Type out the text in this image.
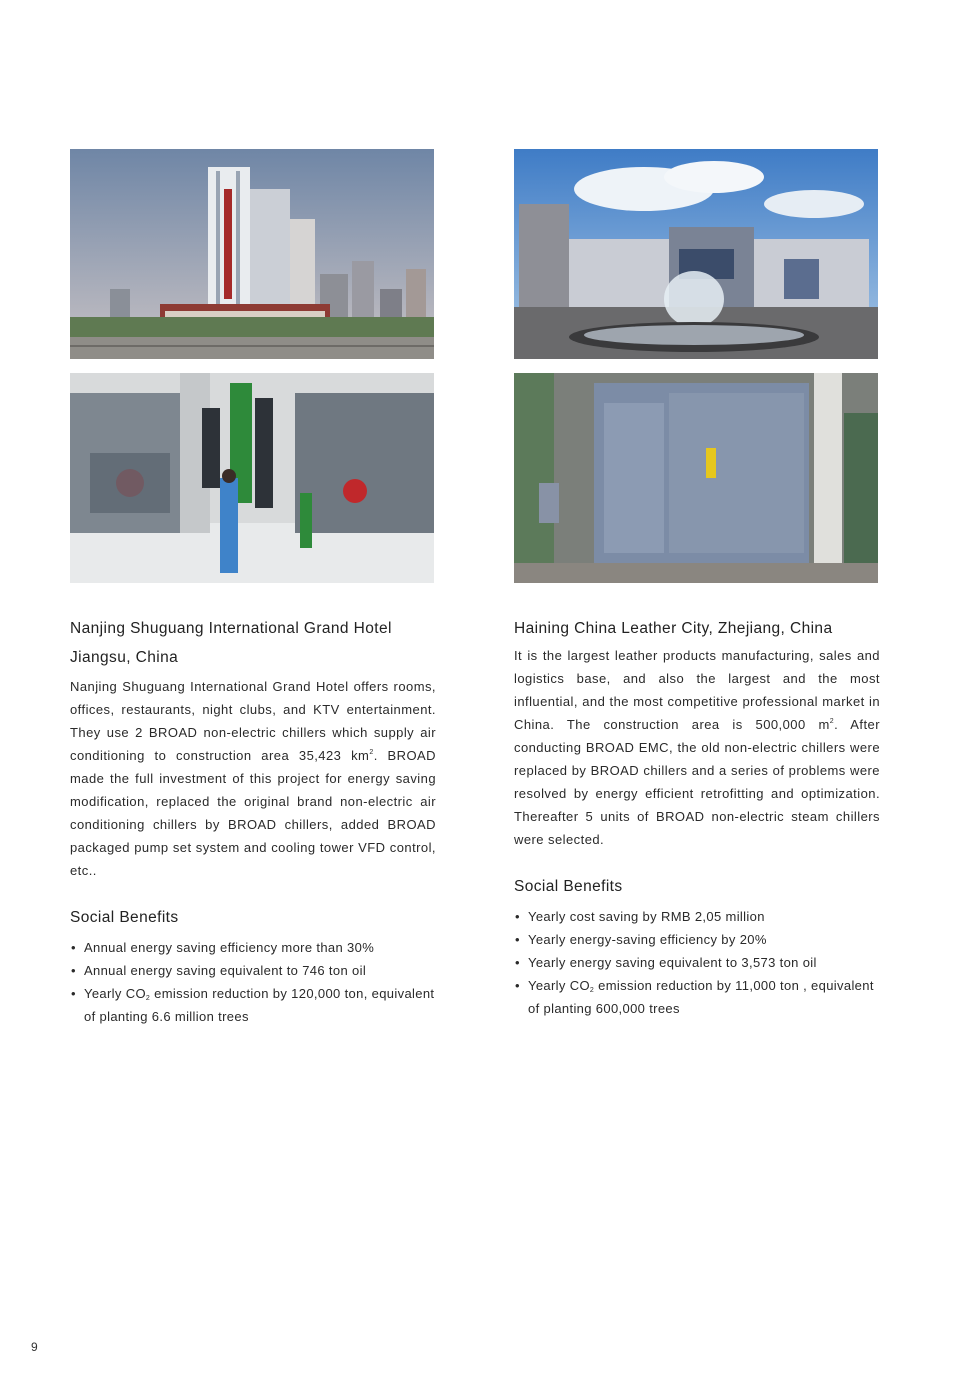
Nanjing Shuguang International Grand Hotel
Jiangsu, China

Nanjing Shuguang International Grand Hotel offers rooms, offices, restaurants, night clubs, and KTV entertainment. They use 2 BROAD non-electric chillers which supply air conditioning to construction area 35,423 $km^2$. BROAD made the full investment of this project for energy saving modification, replaced the original brand non-electric air conditioning chillers by BROAD chillers, added BROAD packaged pump set system and cooling tower VFD control, etc..

Social Benefits
• Annual energy saving efficiency more than 30%
• Annual energy saving equivalent to 746 ton oil
• Yearly $CO_2$ emission reduction by 120,000 ton, equivalent of planting 6.6 million trees
Haining China Leather City, Zhejiang, China

It is the largest leather products manufacturing, sales and logistics base, and also the largest and the most influential, and the most competitive professional market in China. The construction area is 500,000 $m^2$. After conducting BROAD EMC, the old non-electric chillers were replaced by BROAD chillers and a series of problems were resolved by energy efficient retrofitting and optimization. Thereafter 5 units of BROAD non-electric steam chillers were selected.

Social Benefits
• Yearly cost saving by RMB 2,05 million
• Yearly energy-saving efficiency by 20%
• Yearly energy saving equivalent to 3,573 ton oil
• Yearly $CO_2$ emission reduction by 11,000 ton , equivalent of planting 600,000 trees
9
